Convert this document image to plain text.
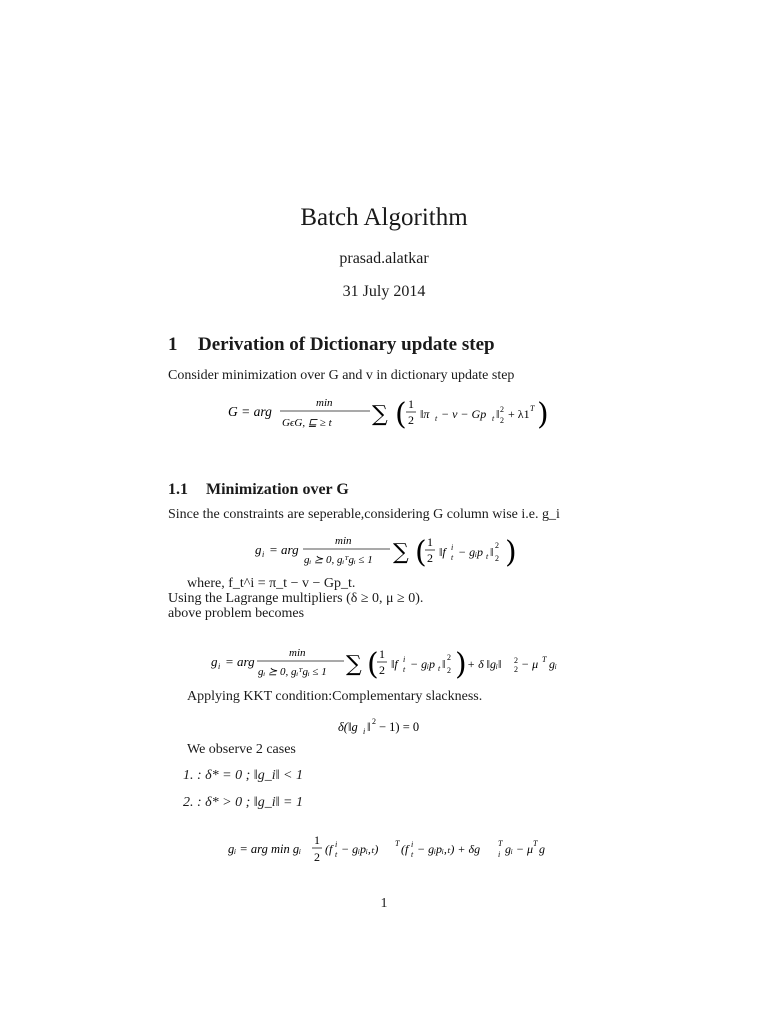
Batch Algorithm
prasad.alatkar
31 July 2014
1 Derivation of Dictionary update step
Consider minimization over G and v in dictionary update step
G = arg
min
GϵG, ⊑ ≥ t ∑ ( 1
2 ‖π t − v − Gp t ‖ 2
2 + λ1 T )
1.1 Minimization over G
Since the constraints are seperable,considering G column wise i.e. g_i
g i = arg
min
gᵢ ⪰ 0, gᵢᵀgᵢ ≤ 1 ∑ ( 1
2 ‖f i
t − gᵢp t ‖ 2
2 )
where, f_t^i = π_t − v − Gp_t.
Using the Lagrange multipliers (δ ≥ 0, μ ≥ 0).
above problem becomes
g i = arg
min
gᵢ ⪰ 0, gᵢᵀgᵢ ≤ 1 ∑ ( 1
2 ‖f i
t − gᵢp t ‖ 2
2 ) + δ ‖gᵢ‖ 2
2 − μ T gᵢ
Applying KKT condition:Complementary slackness.
δ(‖g i ‖ 2 − 1) = 0
We observe 2 cases
1. : δ* = 0 ; ‖g_i‖ < 1
2. : δ* > 0 ; ‖g_i‖ = 1
gᵢ = arg min gᵢ
1
2
(f i
t − gᵢpᵢ,ₜ) T (f i
t − gᵢpᵢ,ₜ) + δg T
i gᵢ − μ T g
1
